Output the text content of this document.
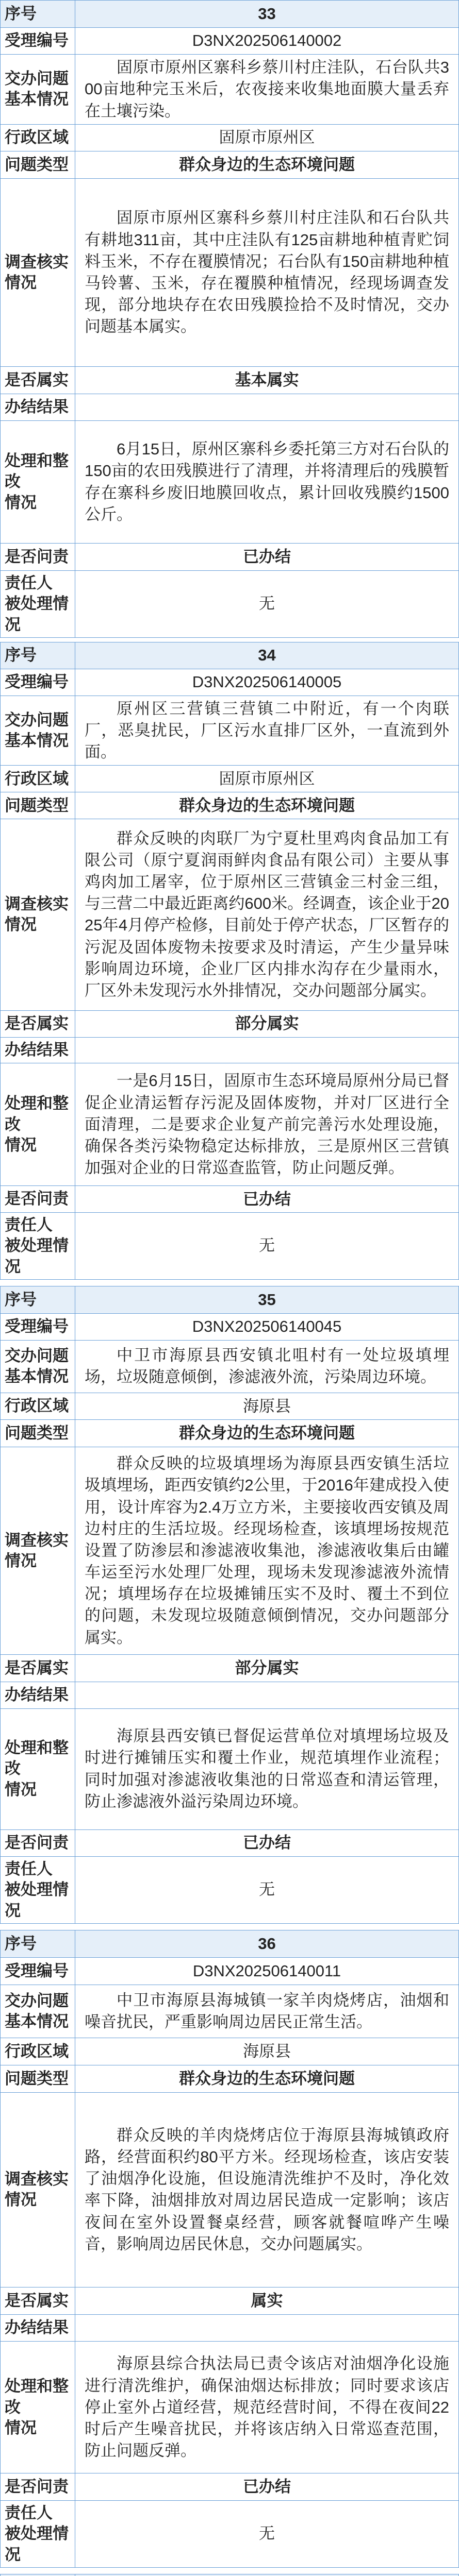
序号	33
受理编号	D3NX202506140002
交办问题
基本情况	固原市原州区寨科乡蔡川村庄洼队，石台队共300亩地种完玉米后，农夜接来收集地面膜大量丢弃在土壤污染。
行政区域	固原市原州区
问题类型	群众身边的生态环境问题
调查核实
情况	固原市原州区寨科乡蔡川村庄洼队和石台队共有耕地311亩，其中庄洼队有125亩耕地种植青贮饲料玉米，不存在覆膜情况；石台队有150亩耕地种植马铃薯、玉米，存在覆膜种植情况，经现场调查发现，部分地块存在农田残膜捡拾不及时情况，交办问题基本属实。
是否属实	基本属实
办结结果	
处理和整改
情况	6月15日，原州区寨科乡委托第三方对石台队的150亩的农田残膜进行了清理，并将清理后的残膜暂存在寨科乡废旧地膜回收点，累计回收残膜约1500公斤。
是否问责	已办结
责任人
被处理情况	无
序号	34
受理编号	D3NX202506140005
交办问题
基本情况	原州区三营镇三营镇二中附近，有一个肉联厂，恶臭扰民，厂区污水直排厂区外，一直流到外面。
行政区域	固原市原州区
问题类型	群众身边的生态环境问题
调查核实
情况	群众反映的肉联厂为宁夏杜里鸡肉食品加工有限公司（原宁夏润雨鲜肉食品有限公司）主要从事鸡肉加工屠宰，位于原州区三营镇金三村金三组，与三营二中最近距离约600米。经调查，该企业于2025年4月停产检修，目前处于停产状态，厂区暂存的污泥及固体废物未按要求及时清运，产生少量异味影响周边环境，企业厂区内排水沟存在少量雨水，厂区外未发现污水外排情况，交办问题部分属实。
是否属实	部分属实
办结结果	
处理和整改
情况	一是6月15日，固原市生态环境局原州分局已督促企业清运暂存污泥及固体废物，并对厂区进行全面清理，二是要求企业复产前完善污水处理设施，确保各类污染物稳定达标排放，三是原州区三营镇加强对企业的日常巡查监管，防止问题反弹。
是否问责	已办结
责任人
被处理情况	无
序号	35
受理编号	D3NX202506140045
交办问题
基本情况	中卫市海原县西安镇北咀村有一处垃圾填埋场，垃圾随意倾倒，渗滤液外流，污染周边环境。
行政区域	海原县
问题类型	群众身边的生态环境问题
调查核实
情况	群众反映的垃圾填埋场为海原县西安镇生活垃圾填埋场，距西安镇约2公里，于2016年建成投入使用，设计库容为2.4万立方米，主要接收西安镇及周边村庄的生活垃圾。经现场检查，该填埋场按规范设置了防渗层和渗滤液收集池，渗滤液收集后由罐车运至污水处理厂处理，现场未发现渗滤液外流情况；填埋场存在垃圾摊铺压实不及时、覆土不到位的问题，未发现垃圾随意倾倒情况，交办问题部分属实。
是否属实	部分属实
办结结果	
处理和整改
情况	海原县西安镇已督促运营单位对填埋场垃圾及时进行摊铺压实和覆土作业，规范填埋作业流程；同时加强对渗滤液收集池的日常巡查和清运管理，防止渗滤液外溢污染周边环境。
是否问责	已办结
责任人
被处理情况	无
序号	36
受理编号	D3NX202506140011
交办问题
基本情况	中卫市海原县海城镇一家羊肉烧烤店，油烟和噪音扰民，严重影响周边居民正常生活。
行政区域	海原县
问题类型	群众身边的生态环境问题
调查核实
情况	群众反映的羊肉烧烤店位于海原县海城镇政府路，经营面积约80平方米。经现场检查，该店安装了油烟净化设施，但设施清洗维护不及时，净化效率下降，油烟排放对周边居民造成一定影响；该店夜间在室外设置餐桌经营，顾客就餐喧哗产生噪音，影响周边居民休息，交办问题属实。
是否属实	属实
办结结果	
处理和整改
情况	海原县综合执法局已责令该店对油烟净化设施进行清洗维护，确保油烟达标排放；同时要求该店停止室外占道经营，规范经营时间，不得在夜间22时后产生噪音扰民，并将该店纳入日常巡查范围，防止问题反弹。
是否问责	已办结
责任人
被处理情况	无
